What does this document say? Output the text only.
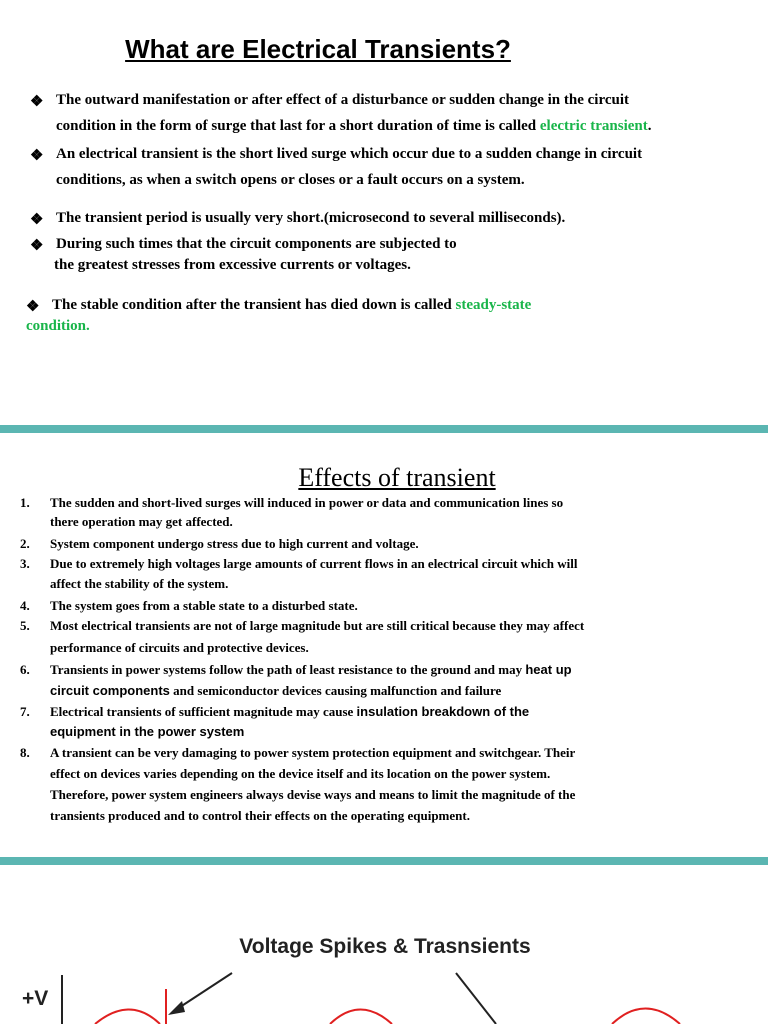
What are Electrical Transients?
❖ The outward manifestation or after effect of a disturbance or sudden change in the circuit
condition in the form of surge that last for a short duration of time is called electric transient.
❖ An electrical transient is the short lived surge which occur due to a sudden change in circuit
conditions, as when a switch opens or closes or a fault occurs on a system.
❖ The transient period is usually very short.(microsecond to several milliseconds).
❖ During such times that the circuit components are subjected to
the greatest stresses from excessive currents or voltages.
❖ The stable condition after the transient has died down is called steady-state
condition.
Effects of transient
1.	The sudden and short-lived surges will induced in power or data and communication lines so
there operation may get affected.
2.	System component undergo stress due to high current and voltage.
3.	Due to extremely high voltages large amounts of current flows in an electrical circuit which will
affect the stability of the system.
4.	The system goes from a stable state to a disturbed state.
5.	Most electrical transients are not of large magnitude but are still critical because they may affect
performance of circuits and protective devices.
6.	Transients in power systems follow the path of least resistance to the ground and may heat up
circuit components and semiconductor devices causing malfunction and failure
7.	Electrical transients of sufficient magnitude may cause insulation breakdown of the
equipment in the power system
8.	A transient can be very damaging to power system protection equipment and switchgear. Their
effect on devices varies depending on the device itself and its location on the power system.
Therefore, power system engineers always devise ways and means to limit the magnitude of the
transients produced and to control their effects on the operating equipment.
Voltage Spikes & Trasnsients
+V
